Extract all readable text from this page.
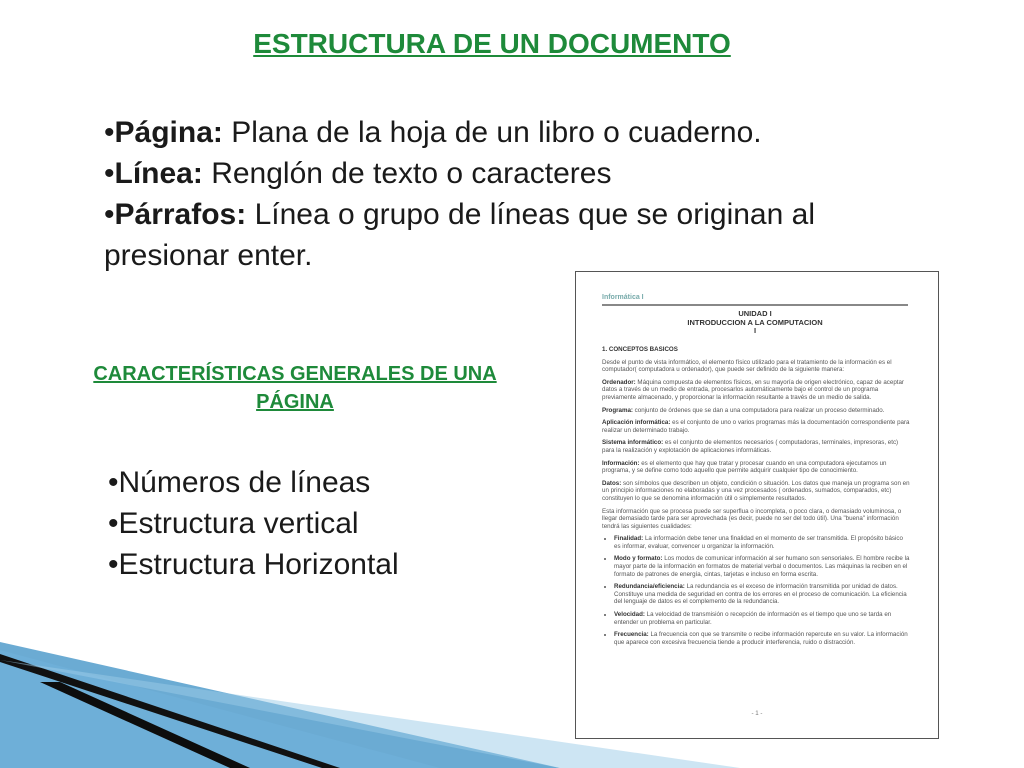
ESTRUCTURA DE UN DOCUMENTO
•Página: Plana de la hoja de un libro o cuaderno.
•Línea: Renglón de texto o caracteres
•Párrafos: Línea o grupo de líneas que se originan al presionar enter.
CARACTERÍSTICAS GENERALES DE UNA PÁGINA
•Números de líneas
•Estructura vertical
•Estructura Horizontal
Informática I
UNIDAD I
INTRODUCCION A LA COMPUTACION
I

1. CONCEPTOS BASICOS

Desde el punto de vista informático, el elemento físico utilizado para el tratamiento de la información es el computador( computadora u ordenador), que puede ser definido de la siguiente manera:

Ordenador: Máquina compuesta de elementos físicos, en su mayoría de origen electrónico, capaz de aceptar datos a través de un medio de entrada, procesarlos automáticamente bajo el control de un programa previamente almacenado, y proporcionar la información resultante a través de un medio de salida.

Programa: conjunto de órdenes que se dan a una computadora para realizar un proceso determinado.

Aplicación informática: es el conjunto de uno o varios programas más la documentación correspondiente para realizar un determinado trabajo.

Sistema informático: es el conjunto de elementos necesarios ( computadoras, terminales, impresoras, etc) para la realización y explotación de aplicaciones informáticas.

Información: es el elemento que hay que tratar y procesar cuando en una computadora ejecutamos un programa, y se define como todo aquello que permite adquirir cualquier tipo de conocimiento.

Datos: son símbolos que describen un objeto, condición o situación. Los datos que maneja un programa son en un principio informaciones no elaboradas y una vez procesados ( ordenados, sumados, comparados, etc) constituyen lo que se denomina información útil o simplemente resultados.

Esta información que se procesa puede ser superflua o incompleta, o poco clara, o demasiado voluminosa, o llegar demasiado tarde para ser aprovechada (es decir, puede no ser del todo útil). Una "buena" información tendrá las siguientes cualidades:

• Finalidad: La información debe tener una finalidad en el momento de ser transmitida. El propósito básico es informar, evaluar, convencer u organizar la información.
• Modo y formato: Los modos de comunicar información al ser humano son sensoriales. El hombre recibe la mayor parte de la información en formatos de material verbal o documentos. Las máquinas la reciben en el formato de patrones de energía, cintas, tarjetas e incluso en forma escrita.
• Redundancia/eficiencia: La redundancia es el exceso de información transmitida por unidad de datos. Constituye una medida de seguridad en contra de los errores en el proceso de comunicación. La eficiencia del lenguaje de datos es el complemento de la redundancia.
• Velocidad: La velocidad de transmisión o recepción de información es el tiempo que uno se tarda en entender un problema en particular.
• Frecuencia: La frecuencia con que se transmite o recibe información repercute en su valor. La información que aparece con excesiva frecuencia tiende a producir interferencia, ruido o distracción.
- 1 -
